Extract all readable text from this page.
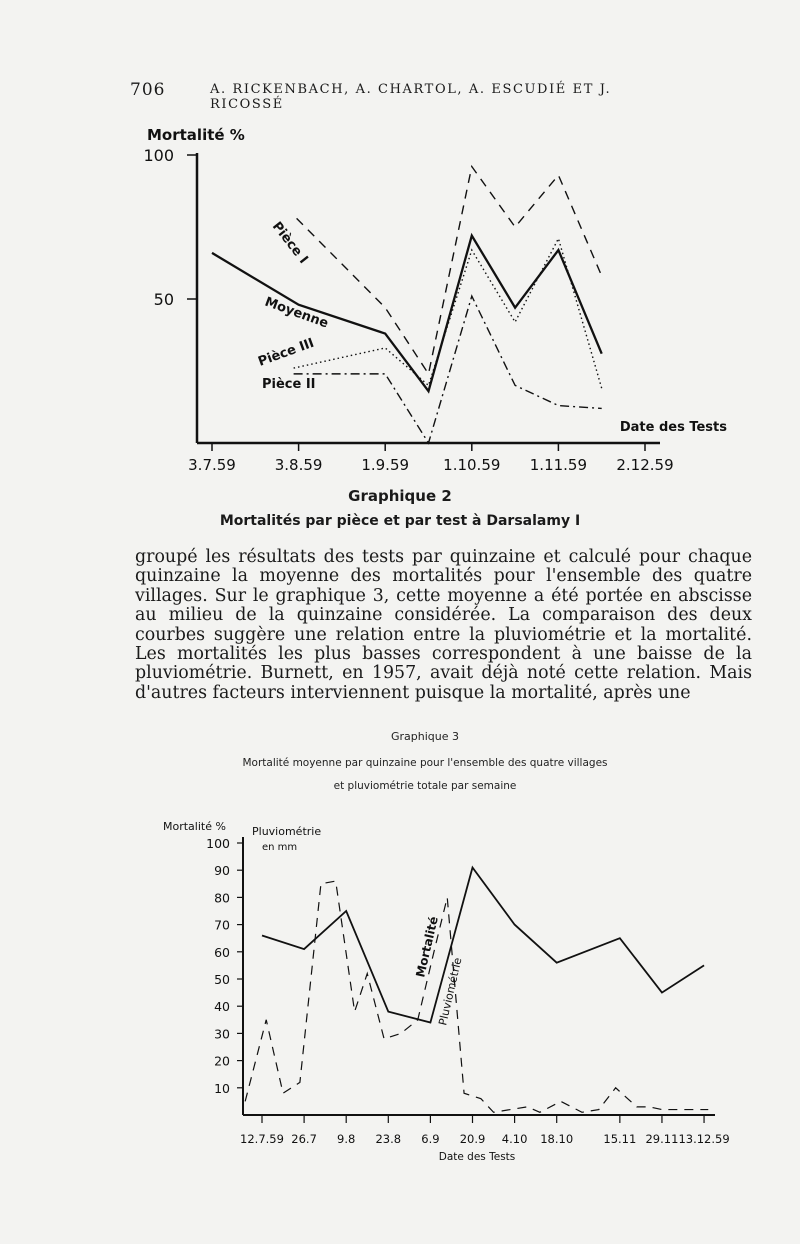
706	A. RICKENBACH, A. CHARTOL, A. ESCUDIÉ ET J. RICOSSÉ
Mortalité %
100
50
3.7.59	3.8.59	1.9.59 1.10.59 1.11.59 2.12.59
Date des Tests
Pièce I
Moyenne
Pièce III
Pièce II
Graphique 2
Mortalités par pièce et par test à Darsalamy I
groupé les résultats des tests par quinzaine et calculé pour chaque quinzaine la moyenne des mortalités pour l'ensemble des quatre villages. Sur le graphique 3, cette moyenne a été portée en abscisse au milieu de la quinzaine considérée. La comparaison des deux courbes suggère une relation entre la pluviométrie et la mortalité. Les mortalités les plus basses correspondent à une baisse de la pluviométrie. Burnett, en 1957, avait déjà noté cette relation. Mais d'autres facteurs interviennent puisque la mortalité, après une
Graphique 3
Mortalité moyenne par quinzaine pour l'ensemble des quatre villages
et pluviométrie totale par semaine
Mortalité % Pluviométrie
en mm
100
90
80
70
60
50
40
30
20
10
12.7.59 26.7 9.8 23.8 6.9 20.9 4.10 18.10	15.11 29.11 13.12.59
Date des Tests
Mortalité
Pluviométrie
